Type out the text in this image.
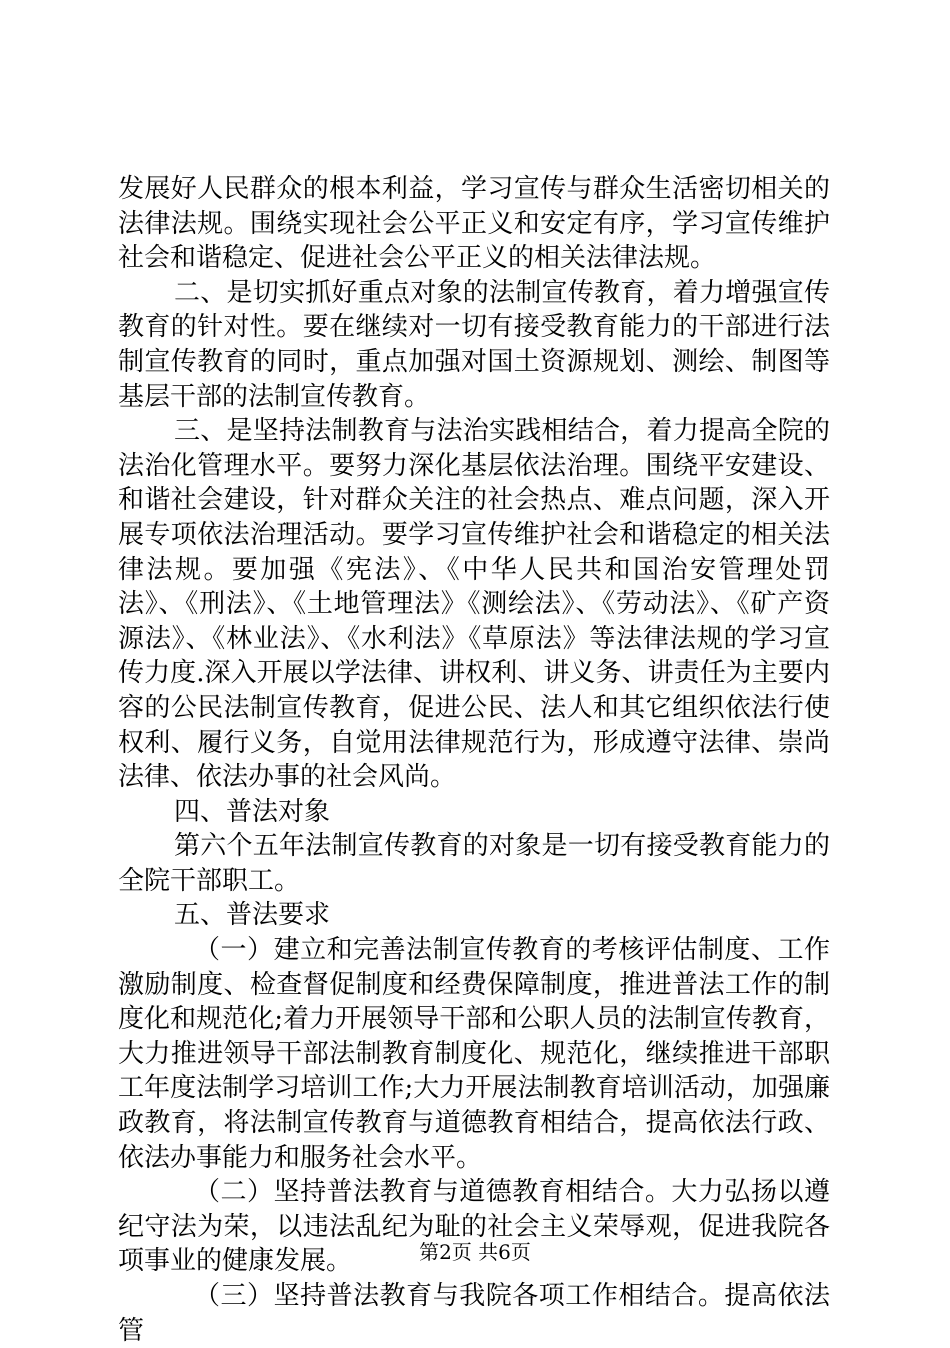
发展好人民群众的根本利益，学习宣传与群众生活密切相关的法律法规。围绕实现社会公平正义和安定有序，学习宣传维护社会和谐稳定、促进社会公平正义的相关法律法规。

二、是切实抓好重点对象的法制宣传教育，着力增强宣传教育的针对性。要在继续对一切有接受教育能力的干部进行法制宣传教育的同时，重点加强对国土资源规划、测绘、制图等基层干部的法制宣传教育。

三、是坚持法制教育与法治实践相结合，着力提高全院的法治化管理水平。要努力深化基层依法治理。围绕平安建设、和谐社会建设，针对群众关注的社会热点、难点问题，深入开展专项依法治理活动。要学习宣传维护社会和谐稳定的相关法律法规。要加强《宪法》、《中华人民共和国治安管理处罚法》、《刑法》、《土地管理法》《测绘法》、《劳动法》、《矿产资源法》、《林业法》、《水利法》《草原法》等法律法规的学习宣传力度.深入开展以学法律、讲权利、讲义务、讲责任为主要内容的公民法制宣传教育，促进公民、法人和其它组织依法行使权利、履行义务，自觉用法律规范行为，形成遵守法律、崇尚法律、依法办事的社会风尚。

四、普法对象

第六个五年法制宣传教育的对象是一切有接受教育能力的全院干部职工。

五、普法要求

（一）建立和完善法制宣传教育的考核评估制度、工作激励制度、检查督促制度和经费保障制度，推进普法工作的制度化和规范化;着力开展领导干部和公职人员的法制宣传教育，大力推进领导干部法制教育制度化、规范化，继续推进干部职工年度法制学习培训工作;大力开展法制教育培训活动，加强廉政教育，将法制宣传教育与道德教育相结合，提高依法行政、依法办事能力和服务社会水平。

（二）坚持普法教育与道德教育相结合。大力弘扬以遵纪守法为荣，以违法乱纪为耻的社会主义荣辱观，促进我院各项事业的健康发展。

（三）坚持普法教育与我院各项工作相结合。提高依法管

第2页 共6页
